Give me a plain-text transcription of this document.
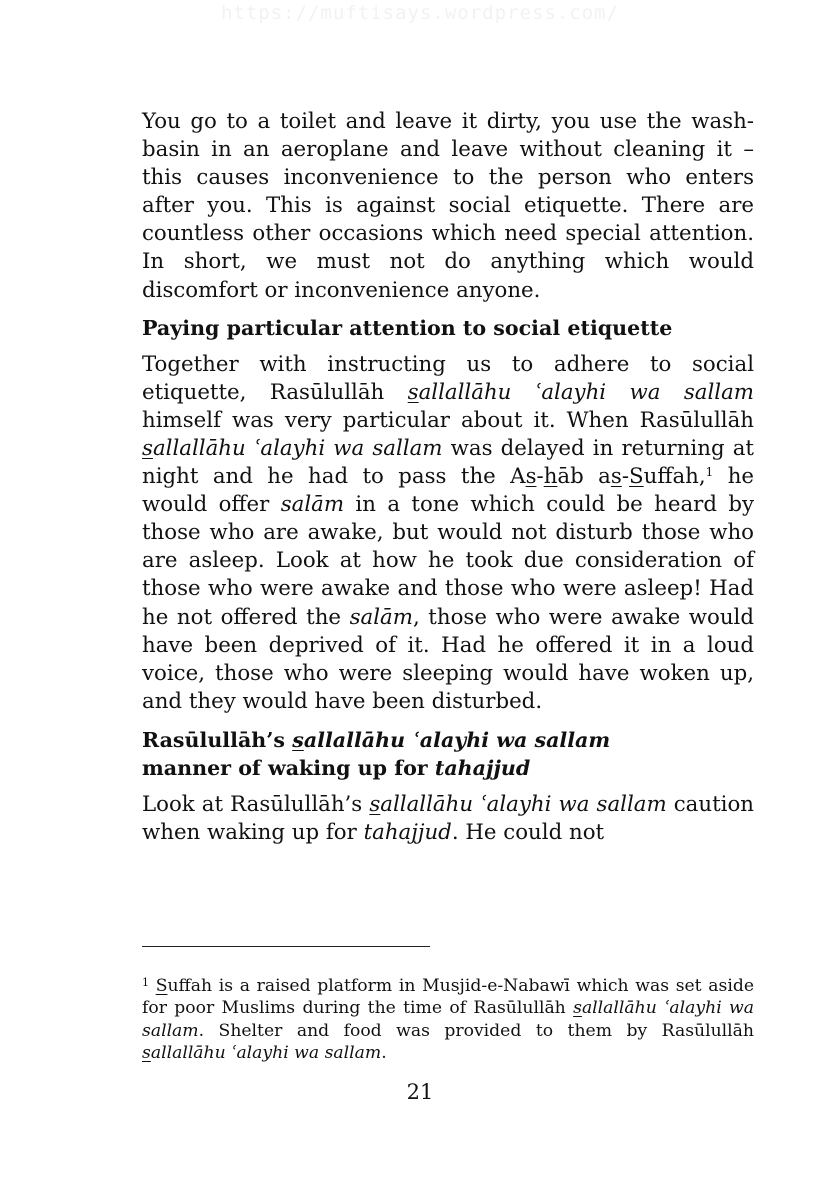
https://muftisays.wordpress.com/

You go to a toilet and leave it dirty, you use the wash-basin in an aeroplane and leave without cleaning it – this causes inconvenience to the person who enters after you. This is against social etiquette. There are countless other occasions which need special attention. In short, we must not do anything which would discomfort or inconvenience anyone.

Paying particular attention to social etiquette

Together with instructing us to adhere to social etiquette, Rasūlullāh sallallāhu ʿalayhi wa sallam himself was very particular about it. When Rasūlullāh sallallāhu ʿalayhi wa sallam was delayed in returning at night and he had to pass the As-hāb as-Suffah,$^1$ he would offer salām in a tone which could be heard by those who are awake, but would not disturb those who are asleep. Look at how he took due consideration of those who were awake and those who were asleep! Had he not offered the salām, those who were awake would have been deprived of it. Had he offered it in a loud voice, those who were sleeping would have woken up, and they would have been disturbed.

Rasūlullāh’s sallallāhu ʿalayhi wa sallam
manner of waking up for tahajjud

Look at Rasūlullāh’s sallallāhu ʿalayhi wa sallam caution when waking up for tahajjud. He could not

$^1$ Suffah is a raised platform in Musjid-e-Nabawī which was set aside for poor Muslims during the time of Rasūlullāh sallallāhu ʿalayhi wa sallam. Shelter and food was provided to them by Rasūlullāh sallallāhu ʿalayhi wa sallam.

21
